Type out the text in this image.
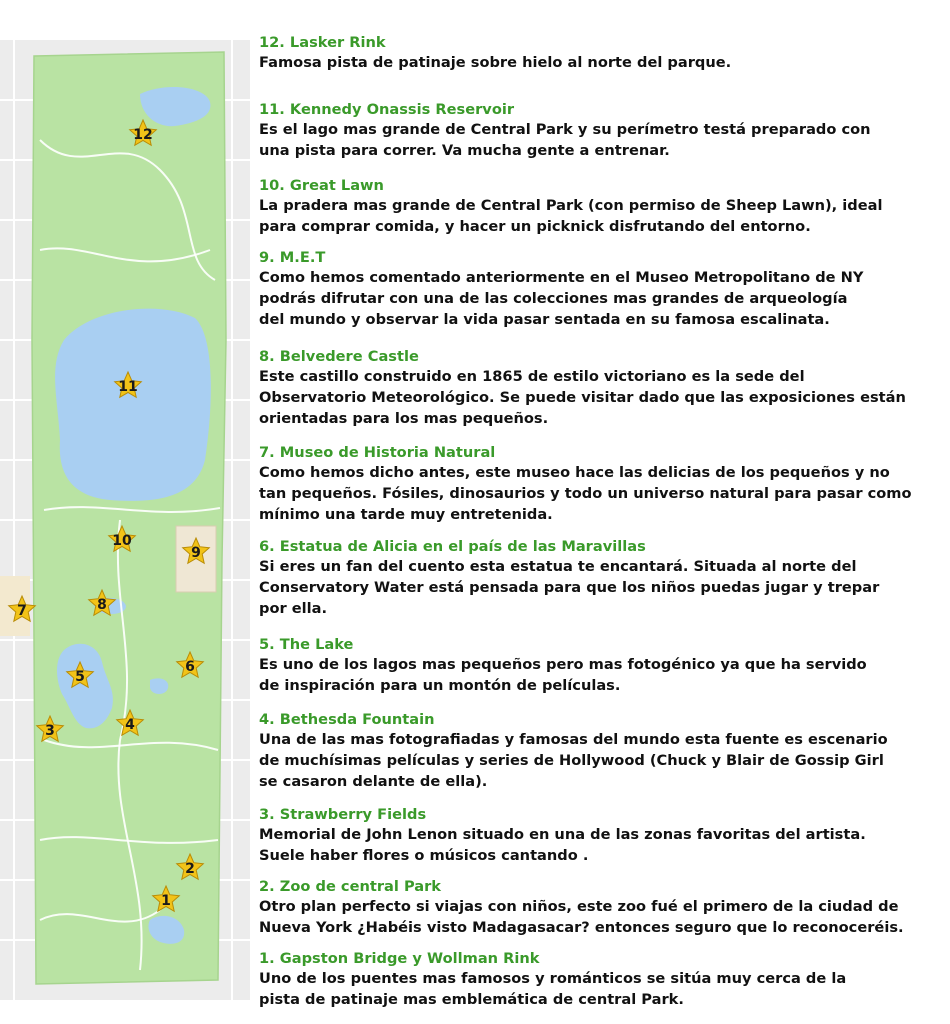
1
2
3	4
5
6
7	8
9
10
11
12
12. Lasker Rink
Famosa pista de patinaje sobre hielo al norte del parque.
11. Kennedy Onassis Reservoir
Es el lago mas grande de Central Park y su perímetro testá preparado con
una pista para correr. Va mucha gente a entrenar.
10. Great Lawn
La pradera mas grande de Central Park (con permiso de Sheep Lawn), ideal
para comprar comida, y hacer un picknick disfrutando del entorno.
9. M.E.T
Como hemos comentado anteriormente en el Museo Metropolitano de NY
podrás difrutar con una de las colecciones mas grandes de arqueología
del mundo y observar la vida pasar sentada en su famosa escalinata.
8. Belvedere Castle
Este castillo construido en 1865 de estilo victoriano es la sede del
Observatorio Meteorológico. Se puede visitar dado que las exposiciones están
orientadas para los mas pequeños.
7. Museo de Historia Natural
Como hemos dicho antes, este museo hace las delicias de los pequeños y no
tan pequeños. Fósiles, dinosaurios y todo un universo natural para pasar como
mínimo una tarde muy entretenida.
6. Estatua de Alicia en el país de las Maravillas
Si eres un fan del cuento esta estatua te encantará. Situada al norte del
Conservatory Water está pensada para que los niños puedas jugar y trepar
por ella.
5. The Lake
Es uno de los lagos mas pequeños pero mas fotogénico ya que ha servido
de inspiración para un montón de películas.
4. Bethesda Fountain
Una de las mas fotografiadas y famosas del mundo esta fuente es escenario
de muchísimas películas y series de Hollywood (Chuck y Blair de Gossip Girl
se casaron delante de ella).
3. Strawberry Fields
Memorial de John Lenon situado en una de las zonas favoritas del artista.
Suele haber flores o músicos cantando .
2. Zoo de central Park
Otro plan perfecto si viajas con niños, este zoo fué el primero de la ciudad de
Nueva York ¿Habéis visto Madagasacar? entonces seguro que lo reconoceréis.
1. Gapston Bridge y Wollman Rink
Uno de los puentes mas famosos y románticos se sitúa muy cerca de la
pista de patinaje mas emblemática de central Park.
